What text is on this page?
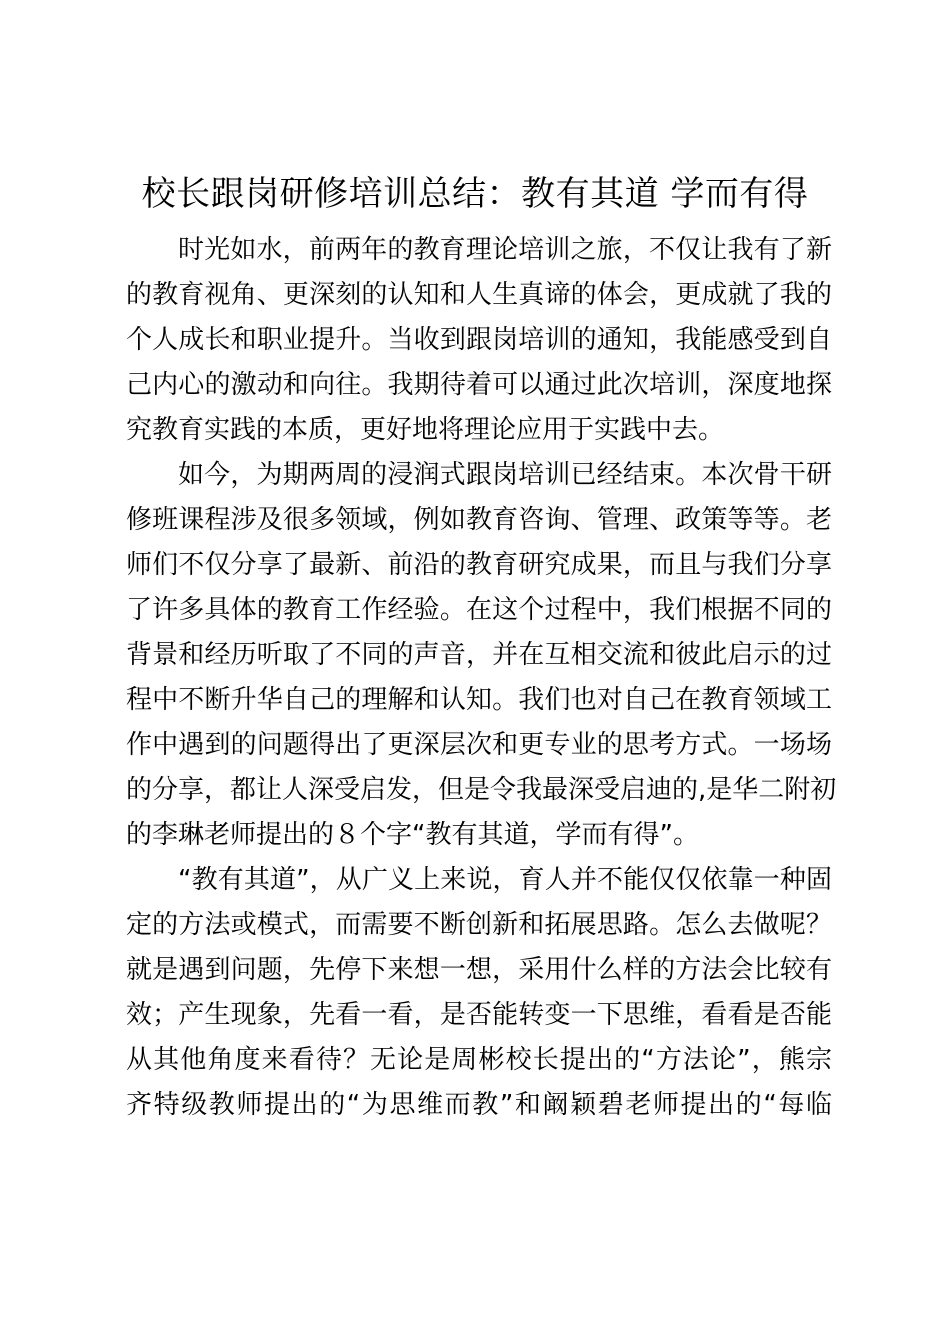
校长跟岗研修培训总结：教有其道 学而有得

时光如水，前两年的教育理论培训之旅，不仅让我有了新
的教育视角、更深刻的认知和人生真谛的体会，更成就了我的
个人成长和职业提升。当收到跟岗培训的通知，我能感受到自
己内心的激动和向往。我期待着可以通过此次培训，深度地探
究教育实践的本质，更好地将理论应用于实践中去。

如今，为期两周的浸润式跟岗培训已经结束。本次骨干研
修班课程涉及很多领域，例如教育咨询、管理、政策等等。老
师们不仅分享了最新、前沿的教育研究成果，而且与我们分享
了许多具体的教育工作经验。在这个过程中，我们根据不同的
背景和经历听取了不同的声音，并在互相交流和彼此启示的过
程中不断升华自己的理解和认知。我们也对自己在教育领域工
作中遇到的问题得出了更深层次和更专业的思考方式。一场场
的分享，都让人深受启发，但是令我最深受启迪的,是华二附初
的李琳老师提出的８个字“教有其道，学而有得”。

“教有其道”，从广义上来说，育人并不能仅仅依靠一种固
定的方法或模式，而需要不断创新和拓展思路。怎么去做呢？
就是遇到问题，先停下来想一想，采用什么样的方法会比较有
效；产生现象，先看一看，是否能转变一下思维，看看是否能
从其他角度来看待？无论是周彬校长提出的“方法论”，熊宗
齐特级教师提出的“为思维而教”和阚颖碧老师提出的“每临
